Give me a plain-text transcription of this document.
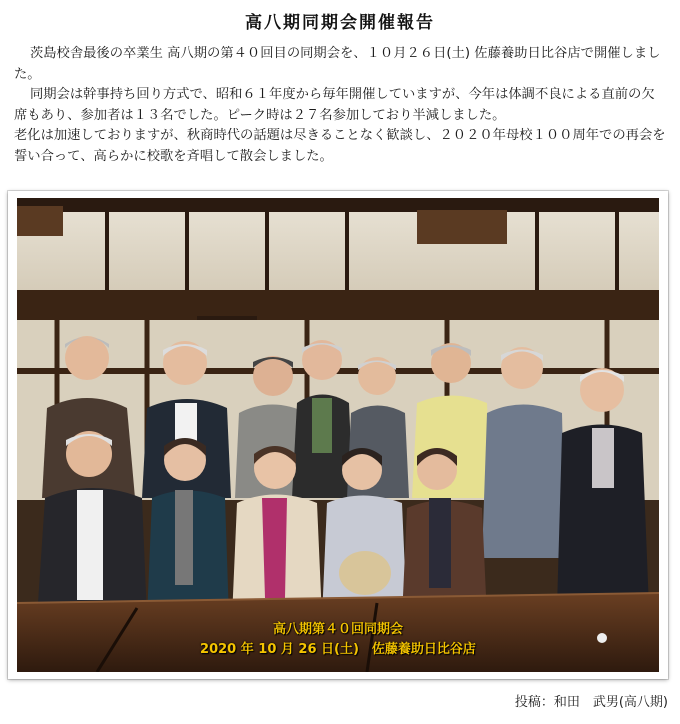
高八期同期会開催報告

茨島校舎最後の卒業生 高八期の第４０回目の同期会を、１０月２６日(土) 佐藤養助日比谷店で開催しました。

同期会は幹事持ち回り方式で、昭和６１年度から毎年開催していますが、今年は体調不良による直前の欠席もあり、参加者は１３名でした。ピーク時は２７名参加しており半減しました。

老化は加速しておりますが、秋商時代の話題は尽きることなく歓談し、２０２０年母校１００周年での再会を誓い合って、高らかに校歌を斉唱して散会しました。

高八期第４０回同期会
2020 年 10 月 26 日(土)　佐藤養助日比谷店
投稿：和田　武男(高八期)
